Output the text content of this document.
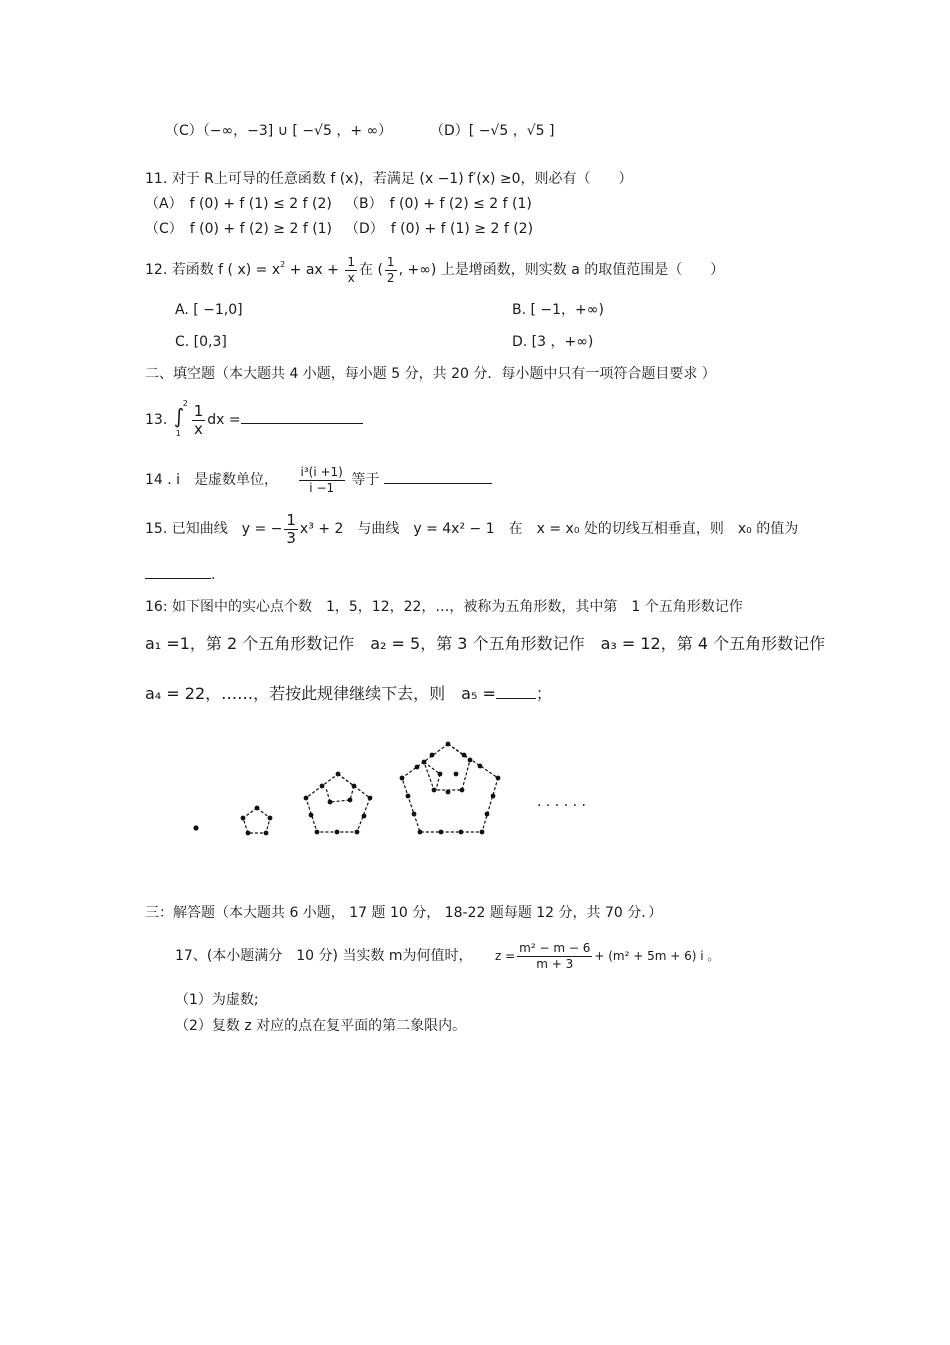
（C）（−∞，−3] ∪ [ −√5 ，+ ∞）	（D）[ −√5 ，√5 ]
11. 对于 R上可导的任意函数 f (x)，若满足 (x −1) f′(x) ≥0，则必有（　　）
（A）　f (0) + f (1) ≤ 2 f (2) （B）　f (0) + f (2) ≤ 2 f (1)
（C）　f (0) + f (2) ≥ 2 f (1) （D）　f (0) + f (1) ≥ 2 f (2)
12. 若函数 f ( $x) = x^2$ + ax + $\frac{1}{x}$ 在 ( $\frac{1}{2}$ , +∞) 上是增函数，则实数 a 的取值范围是（　　）
A. [ −1,0]	B. [ −1，+∞)
C. [0,3]	D. [3 ，+∞)
二、填空题（本大题共 4 小题，每小题 5 分，共 20 分．每小题中只有一项符合题目要求 ）
13. ∫
2
$1 \frac{1}{x}$ dx =
14 . i　是虚数单位， $\frac{\text{i³(i +1)}}{i -1}$ 等于
15. 已知曲线　y = − $\frac{1}{3} x^3 + 2$　与曲线　y = 4x² − 1　在　x = x₀ 处的切线互相垂直，则　x₀ 的值为
.
16: 如下图中的实心点个数　1，5，12，22，…，被称为五角形数，其中第　1 个五角形数记作
a₁ =1，第 2 个五角形数记作　a₂ = 5，第 3 个五角形数记作　a₃ = 12，第 4 个五角形数记作
a₄ = 22，……，若按此规律继续下去，则　a₅ =	；
· · · · · ·
三：解答题（本大题共 6 小题， 17 题 10 分， 18-22 题每题 12 分，共 70 分．）
17、(本小题满分　10 分) 当实数 m为何值时， $z = \frac{\text{m² − m − 6}}{m + 3} + (m^2 + 5m + 6)$ i 。
（1）为虚数;
（2）复数 z 对应的点在复平面的第二象限内。
